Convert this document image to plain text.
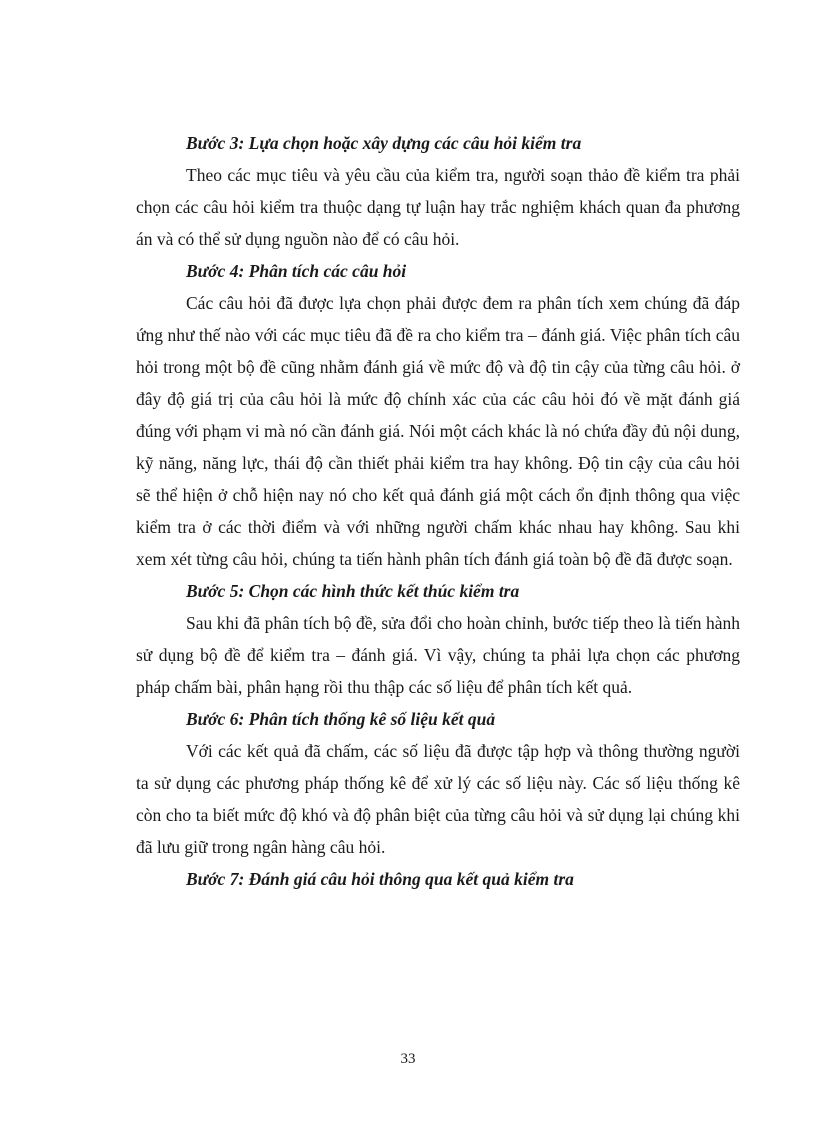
Bước 3: Lựa chọn hoặc xây dựng các câu hỏi kiểm tra

Theo các mục tiêu và yêu cầu của kiểm tra, người soạn thảo đề kiểm tra phải chọn các câu hỏi kiểm tra thuộc dạng tự luận hay trắc nghiệm khách quan đa phương án và có thể sử dụng nguồn nào để có câu hỏi.

Bước 4: Phân tích các câu hỏi

Các câu hỏi đã được lựa chọn phải được đem ra phân tích xem chúng đã đáp ứng như thế nào với các mục tiêu đã đề ra cho kiểm tra – đánh giá. Việc phân tích câu hỏi trong một bộ đề cũng nhằm đánh giá về mức độ và độ tin cậy của từng câu hỏi. ở đây độ giá trị của câu hỏi là mức độ chính xác của các câu hỏi đó về mặt đánh giá đúng với phạm vi mà nó cần đánh giá. Nói một cách khác là nó chứa đầy đủ nội dung, kỹ năng, năng lực, thái độ cần thiết phải kiểm tra hay không. Độ tin cậy của câu hỏi sẽ thể hiện ở chỗ hiện nay nó cho kết quả đánh giá một cách ổn định thông qua việc kiểm tra ở các thời điểm và với những người chấm khác nhau hay không. Sau khi xem xét từng câu hỏi, chúng ta tiến hành phân tích đánh giá toàn bộ đề đã được soạn.

Bước 5: Chọn các hình thức kết thúc kiểm tra

Sau khi đã phân tích bộ đề, sửa đổi cho hoàn chỉnh, bước tiếp theo là tiến hành sử dụng bộ đề để kiểm tra – đánh giá. Vì vậy, chúng ta phải lựa chọn các phương pháp chấm bài, phân hạng rồi thu thập các số liệu để phân tích kết quả.

Bước 6: Phân tích thống kê số liệu kết quả

Với các kết quả đã chấm, các số liệu đã được tập hợp và thông thường người ta sử dụng các phương pháp thống kê để xử lý các số liệu này. Các số liệu thống kê còn cho ta biết mức độ khó và độ phân biệt của từng câu hỏi và sử dụng lại chúng khi đã lưu giữ trong ngân hàng câu hỏi.

Bước 7: Đánh giá câu hỏi thông qua kết quả kiểm tra

33
